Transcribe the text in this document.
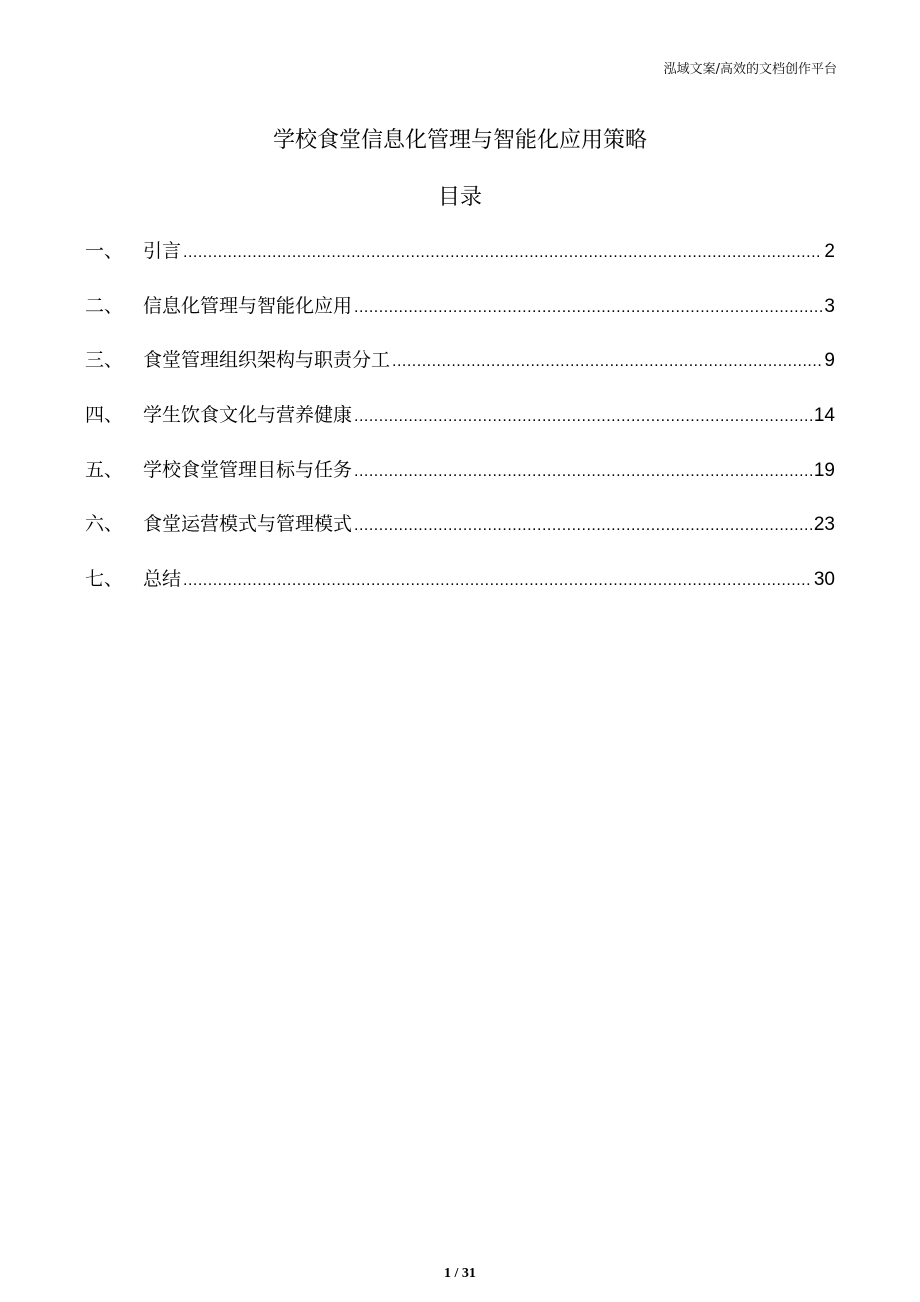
泓域文案/高效的文档创作平台
学校食堂信息化管理与智能化应用策略
目录
一、	引言 .....	2
二、	信息化管理与智能化应用 .....	3
三、	食堂管理组织架构与职责分工 .....	9
四、	学生饮食文化与营养健康 .....	14
五、	学校食堂管理目标与任务 .....	19
六、	食堂运营模式与管理模式 .....	23
七、	总结 .....	30
1 / 31
